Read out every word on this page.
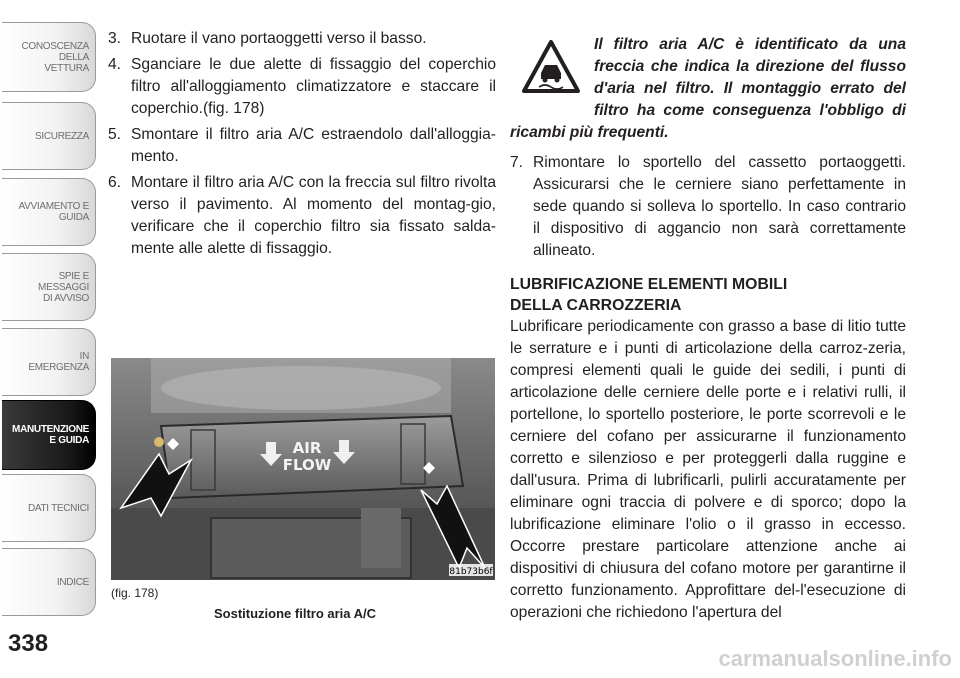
CONOSCENZA DELLA
VETTURA
SICUREZZA
AVVIAMENTO E
GUIDA
SPIE E
MESSAGGI
DI AVVISO
IN
EMERGENZA
MANUTENZIONE
E GUIDA
DATI TECNICI
INDICE
338
3. Ruotare il vano portaoggetti verso il basso.
4. Sganciare le due alette di fissaggio del coperchio filtro all'alloggiamento climatizzatore e staccare il coperchio.(fig. 178)
5. Smontare il filtro aria A/C estraendolo dall'alloggia-mento.
6. Montare il filtro aria A/C con la freccia sul filtro rivolta verso il pavimento. Al momento del montag-gio, verificare che il coperchio filtro sia fissato salda-mente alle alette di fissaggio.
AIR
FLOW
81b73b6f
(fig. 178)
Sostituzione filtro aria A/C
Il filtro aria A/C è identificato da una freccia che indica la direzione del flusso d'aria nel filtro. Il montaggio errato del filtro ha come conseguenza l'obbligo di ricambi più frequenti.
7. Rimontare lo sportello del cassetto portaoggetti. Assicurarsi che le cerniere siano perfettamente in sede quando si solleva lo sportello. In caso contrario il dispositivo di aggancio non sarà correttamente allineato.
LUBRIFICAZIONE ELEMENTI MOBILI
DELLA CARROZZERIA
Lubrificare periodicamente con grasso a base di litio tutte le serrature e i punti di articolazione della carroz-zeria, compresi elementi quali le guide dei sedili, i punti di articolazione delle cerniere delle porte e i relativi rulli, il portellone, lo sportello posteriore, le porte scorrevoli e le cerniere del cofano per assicurarne il funzionamento corretto e silenzioso e per proteggerli dalla ruggine e dall'usura. Prima di lubrificarli, pulirli accuratamente per eliminare ogni traccia di polvere e di sporco; dopo la lubrificazione eliminare l'olio o il grasso in eccesso. Occorre prestare particolare attenzione anche ai dispositivi di chiusura del cofano motore per garantirne il corretto funzionamento. Approfittare del-l'esecuzione di operazioni che richiedono l'apertura del
carmanualsonline.info
